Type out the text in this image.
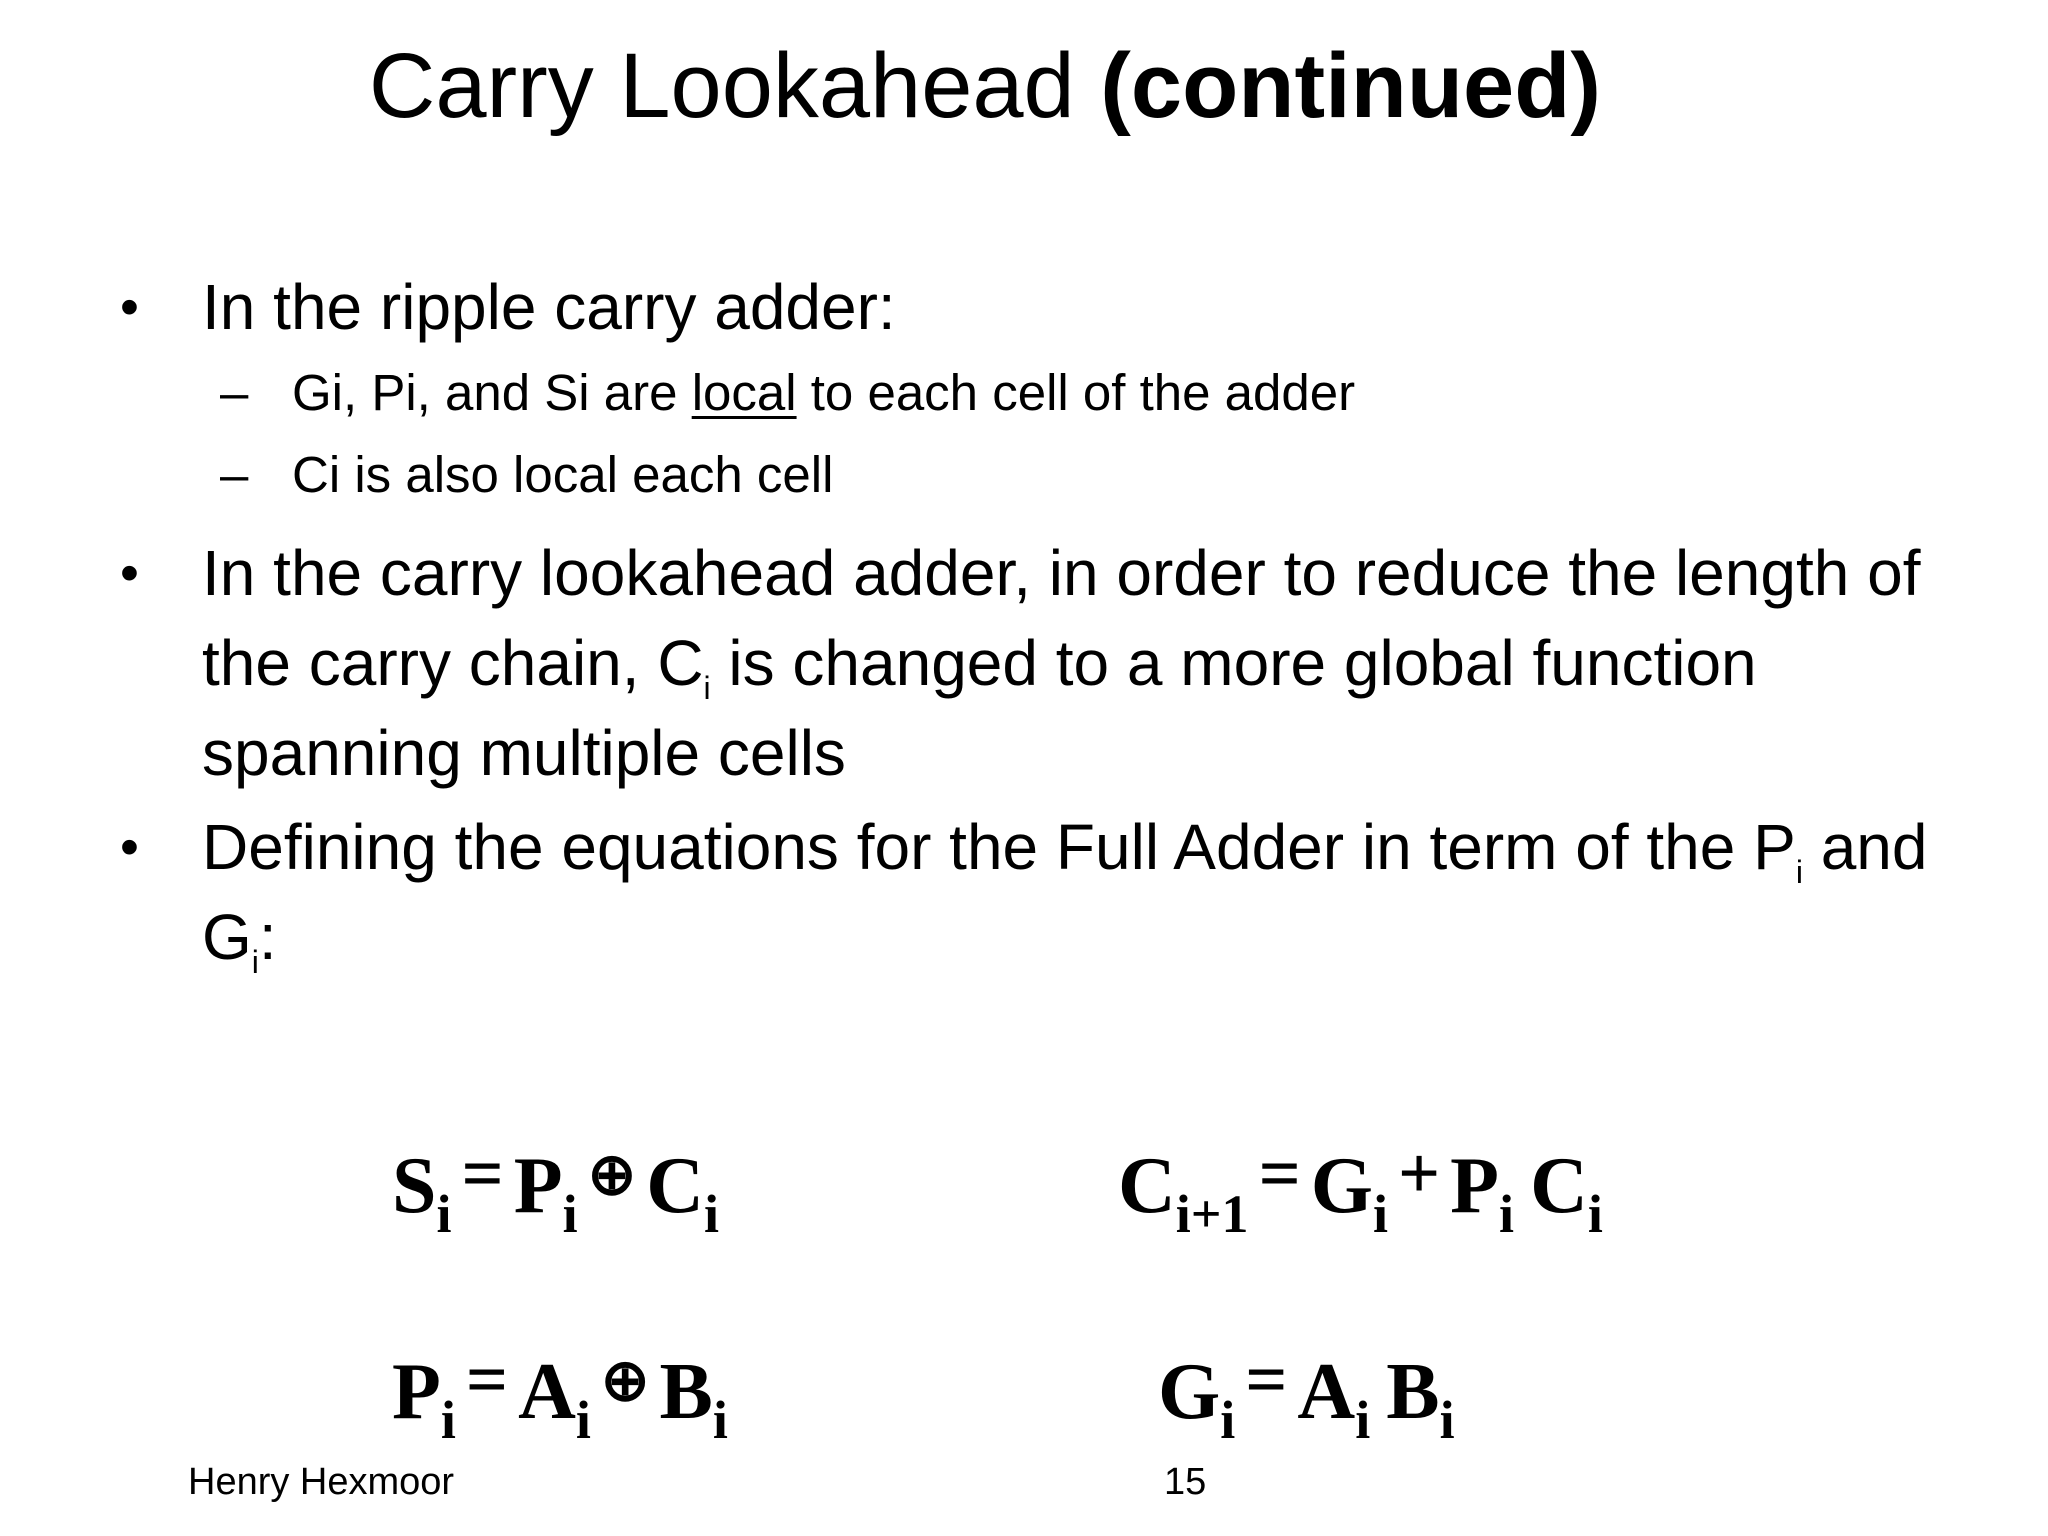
Carry Lookahead (continued)
• In the ripple carry adder:
– Gi, Pi, and Si are local to each cell of the adder
– Ci is also local each cell
• In the carry lookahead adder, in order to reduce the length of the carry chain, $C_i$ is changed to a more global function spanning multiple cells
• Defining the equations for the Full Adder in term of the $P_i$ and $G_i$:
$S_i$ = $P_i\oplus$ $C_i$	$C_{i+1} = G_i + P_i$  $C_i$
$P_i$ = $A_i\oplus$ $B_i$	$G_i = A_i$  $B_i$
Henry Hexmoor	15
